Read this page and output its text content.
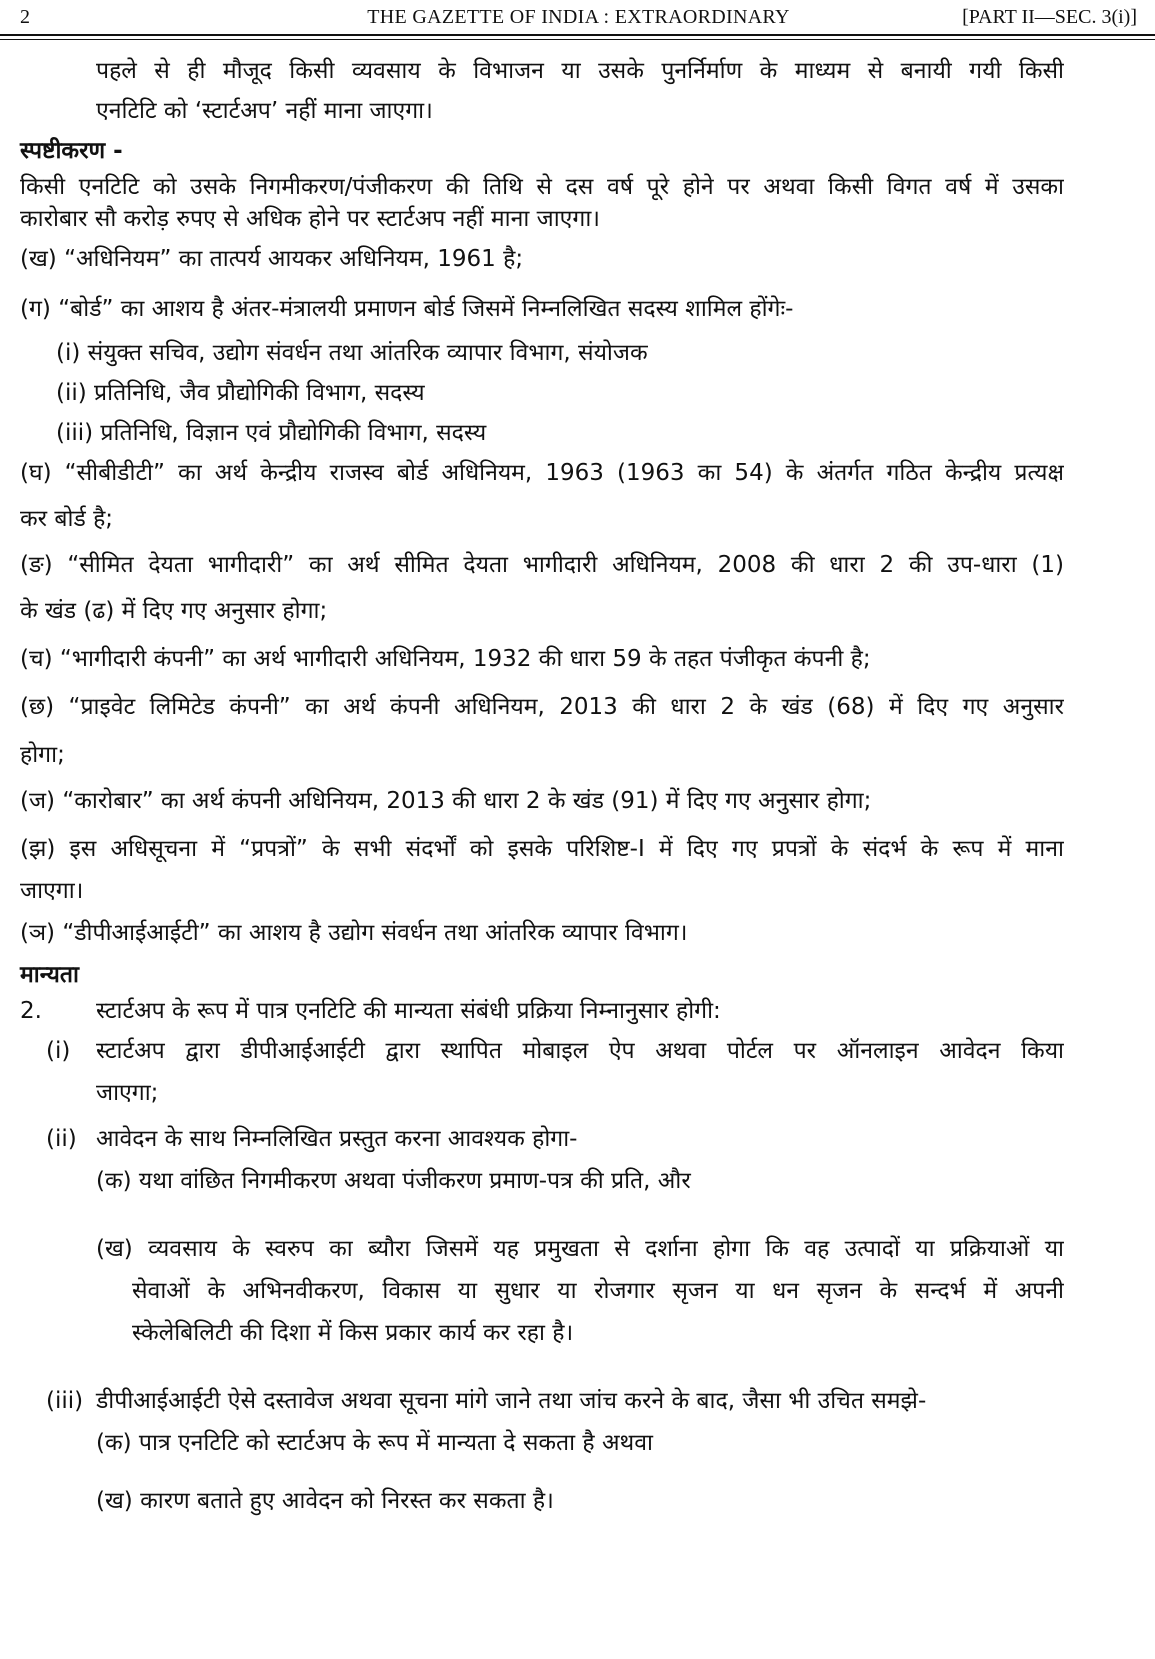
2	THE GAZETTE OF INDIA : EXTRAORDINARY	[PART II—SEC. 3(i)]
पहले से ही मौजूद किसी व्यवसाय के विभाजन या उसके पुनर्निर्माण के माध्यम से बनायी गयी किसी
एनटिटि को ‘स्टार्टअप’ नहीं माना जाएगा।
स्पष्टीकरण -
किसी एनटिटि को उसके निगमीकरण/पंजीकरण की तिथि से दस वर्ष पूरे होने पर अथवा किसी विगत वर्ष में उसका
कारोबार सौ करोड़ रुपए से अधिक होने पर स्टार्टअप नहीं माना जाएगा।
(ख) “अधिनियम” का तात्पर्य आयकर अधिनियम, 1961 है;
(ग) “बोर्ड” का आशय है अंतर-मंत्रालयी प्रमाणन बोर्ड जिसमें निम्नलिखित सदस्य शामिल होंगेः-
(i) संयुक्त सचिव, उद्योग संवर्धन तथा आंतरिक व्यापार विभाग, संयोजक
(ii) प्रतिनिधि, जैव प्रौद्योगिकी विभाग, सदस्य
(iii) प्रतिनिधि, विज्ञान एवं प्रौद्योगिकी विभाग, सदस्य
(घ) “सीबीडीटी” का अर्थ केन्द्रीय राजस्व बोर्ड अधिनियम, 1963 (1963 का 54) के अंतर्गत गठित केन्द्रीय प्रत्यक्ष
कर बोर्ड है;
(ङ) “सीमित देयता भागीदारी” का अर्थ सीमित देयता भागीदारी अधिनियम, 2008 की धारा 2 की उप-धारा (1)
के खंड (ढ) में दिए गए अनुसार होगा;
(च) “भागीदारी कंपनी” का अर्थ भागीदारी अधिनियम, 1932 की धारा 59 के तहत पंजीकृत कंपनी है;
(छ) “प्राइवेट लिमिटेड कंपनी” का अर्थ कंपनी अधिनियम, 2013 की धारा 2 के खंड (68) में दिए गए अनुसार
होगा;
(ज) “कारोबार” का अर्थ कंपनी अधिनियम, 2013 की धारा 2 के खंड (91) में दिए गए अनुसार होगा;
(झ) इस अधिसूचना में “प्रपत्रों” के सभी संदर्भों को इसके परिशिष्ट-I में दिए गए प्रपत्रों के संदर्भ के रूप में माना
जाएगा।
(ञ) “डीपीआईआईटी” का आशय है उद्योग संवर्धन तथा आंतरिक व्यापार विभाग।
मान्यता
2. स्टार्टअप के रूप में पात्र एनटिटि की मान्यता संबंधी प्रक्रिया निम्नानुसार होगी:
(i) स्टार्टअप द्वारा डीपीआईआईटी द्वारा स्थापित मोबाइल ऐप अथवा पोर्टल पर ऑनलाइन आवेदन किया
जाएगा;
(ii) आवेदन के साथ निम्नलिखित प्रस्तुत करना आवश्यक होगा-
(क) यथा वांछित निगमीकरण अथवा पंजीकरण प्रमाण-पत्र की प्रति, और
(ख) व्यवसाय के स्वरुप का ब्यौरा जिसमें यह प्रमुखता से दर्शाना होगा कि वह उत्पादों या प्रक्रियाओं या
सेवाओं के अभिनवीकरण, विकास या सुधार या रोजगार सृजन या धन सृजन के सन्दर्भ में अपनी
स्केलेबिलिटी की दिशा में किस प्रकार कार्य कर रहा है।
(iii) डीपीआईआईटी ऐसे दस्तावेज अथवा सूचना मांगे जाने तथा जांच करने के बाद, जैसा भी उचित समझे-
(क) पात्र एनटिटि को स्टार्टअप के रूप में मान्यता दे सकता है अथवा
(ख) कारण बताते हुए आवेदन को निरस्त कर सकता है।
